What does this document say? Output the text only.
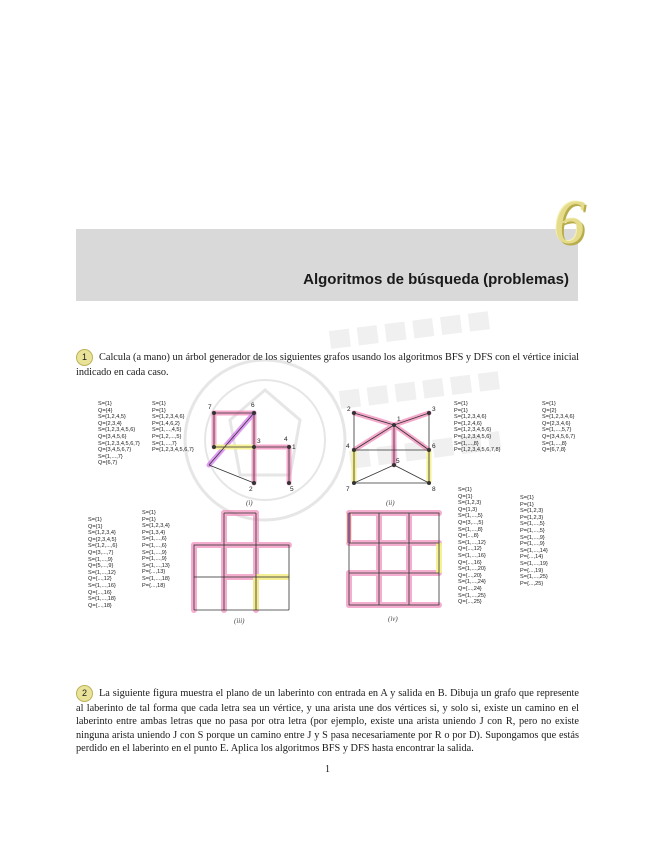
6
Algoritmos de búsqueda (problemas)
1 Calcula (a mano) un árbol generador de los siguientes grafos usando los algoritmos BFS y DFS con el vértice inicial indicado en cada caso.
S={1}
Q={4}
S={1,2,4,5}
Q={2,3,4}
S={1,2,3,4,5,6}
Q={3,4,5,6}
S={1,2,3,4,5,6,7}
Q={3,4,5,6,7}
S={1,...,7}
Q={6,7}
S={1}
P={1}
S={1,2,3,4,6}
P={1,4,6,2}
S={1,...,4,5}
P={1,2,...,5}
S={1,...,7}
P={1,2,3,4,5,6,7}
S={1}
P={1}
S={1,2,3,4,6}
P={1,2,4,6}
S={1,2,3,4,5,6}
P={1,2,3,4,5,6}
S={1,...,8}
P={1,2,3,4,5,6,7,8}
S={1}
Q={2}
S={1,2,3,4,6}
Q={2,3,4,6}
S={1,...,5,7}
Q={3,4,5,6,7}
S={1,...,8}
Q={6,7,8}
S={1}
Q={1}
S={1,2,3,4}
Q={2,3,4,5}
S={1,2,...,6}
Q={3,...,7}
S={1,...,9}
Q={5,...,9}
S={1,...,12}
Q={...,12}
S={1,...,16}
Q={...,16}
S={1,...,18}
Q={...,18}
S={1}
P={1}
S={1,2,3,4}
P={1,3,4}
S={1,...,6}
P={1,...,6}
S={1,...,9}
P={1,...,9}
S={1,...,13}
P={...,13}
S={1,...,18}
P={...,18}
S={1}
Q={1}
S={1,2,3}
Q={1,3}
S={1,...,5}
Q={3,...,5}
S={1,...,8}
Q={...,8}
S={1,...,12}
Q={...,12}
S={1,...,16}
Q={...,16}
S={1,...,20}
Q={...,20}
S={1,...,24}
Q={...,24}
S={1,...,25}
Q={...,25}
S={1}
P={1}
S={1,2,3}
P={1,2,3}
S={1,...,5}
P={1,...,5}
S={1,...,9}
P={1,...,9}
S={1,...,14}
P={...,14}
S={1,...,19}
P={...,19}
S={1,...,25}
P={...,25}
7	6
3	4
1
2	5
(i)
2
1
3
4	6
5
7	8
(ii)
(iii)	(iv)
2 La siguiente figura muestra el plano de un laberinto con entrada en A y salida en B. Dibuja un grafo que represente al laberinto de tal forma que cada letra sea un vértice, y una arista une dos vértices si, y solo si, existe un camino en el laberinto entre ambas letras que no pasa por otra letra (por ejemplo, existe una arista uniendo J con R, pero no existe ninguna arista uniendo J con S porque un camino entre J y S pasa necesariamente por R o por D). Supongamos que estás perdido en el laberinto en el punto E. Aplica los algoritmos BFS y DFS hasta encontrar la salida.
1
